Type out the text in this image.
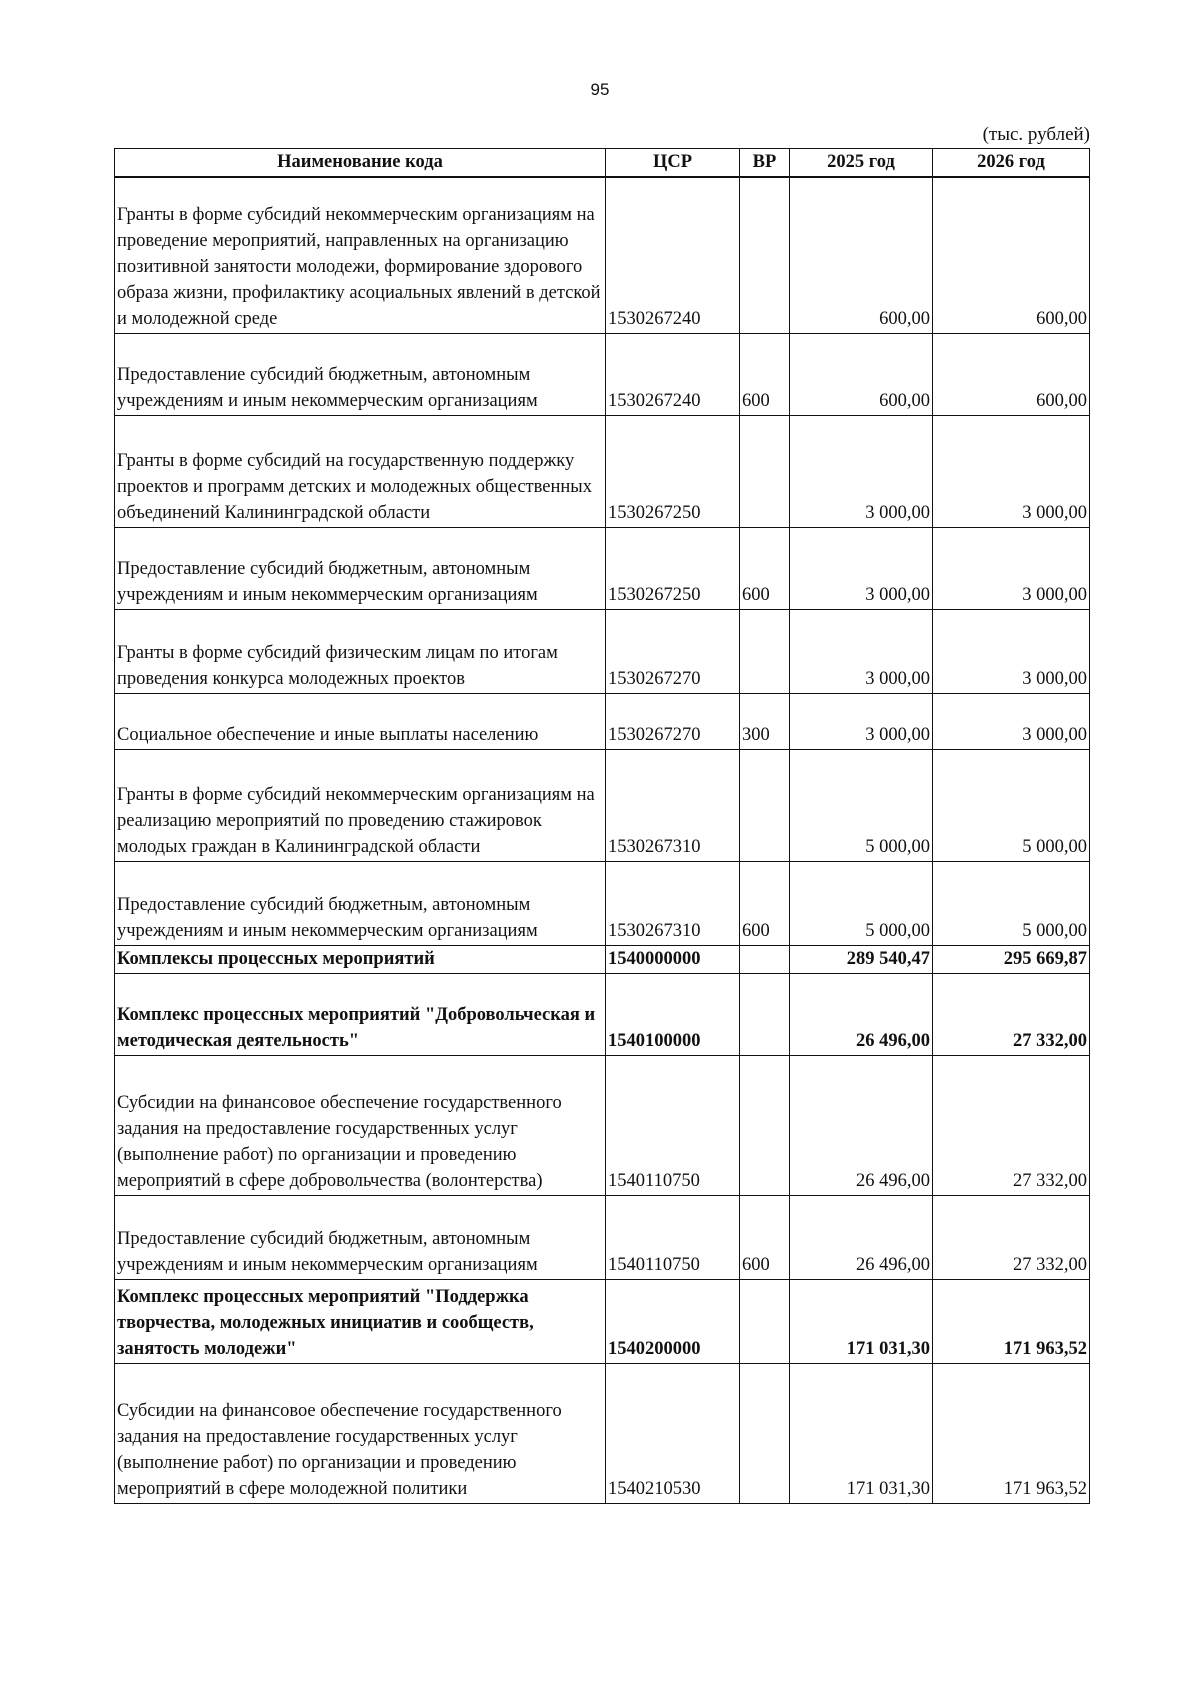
95
(тыс. рублей)
Наименование кода	ЦСР	ВР	2025 год	2026 год
Гранты в форме субсидий некоммерческим организациям на проведение мероприятий, направленных на организацию позитивной занятости молодежи, формирование здорового образа жизни, профилактику асоциальных явлений в детской и молодежной среде	1530267240		600,00	600,00
Предоставление субсидий бюджетным, автономным учреждениям и иным некоммерческим организациям	1530267240	600	600,00	600,00
Гранты в форме субсидий на государственную поддержку проектов и программ детских и молодежных общественных объединений Калининградской области	1530267250		3 000,00	3 000,00
Предоставление субсидий бюджетным, автономным учреждениям и иным некоммерческим организациям	1530267250	600	3 000,00	3 000,00
Гранты в форме субсидий физическим лицам по итогам проведения конкурса молодежных проектов	1530267270		3 000,00	3 000,00
Социальное обеспечение и иные выплаты населению	1530267270	300	3 000,00	3 000,00
Гранты в форме субсидий некоммерческим организациям на реализацию мероприятий по проведению стажировок молодых граждан в Калининградской области	1530267310		5 000,00	5 000,00
Предоставление субсидий бюджетным, автономным учреждениям и иным некоммерческим организациям	1530267310	600	5 000,00	5 000,00
Комплексы процессных мероприятий	1540000000		289 540,47	295 669,87
Комплекс процессных мероприятий "Добровольческая и методическая деятельность"	1540100000		26 496,00	27 332,00
Субсидии на финансовое обеспечение государственного задания на предоставление государственных услуг (выполнение работ) по организации и проведению мероприятий в сфере добровольчества (волонтерства)	1540110750		26 496,00	27 332,00
Предоставление субсидий бюджетным, автономным учреждениям и иным некоммерческим организациям	1540110750	600	26 496,00	27 332,00
Комплекс процессных мероприятий "Поддержка творчества, молодежных инициатив и сообществ, занятость молодежи"	1540200000		171 031,30	171 963,52
Субсидии на финансовое обеспечение государственного задания на предоставление государственных услуг (выполнение работ) по организации и проведению мероприятий в сфере молодежной политики	1540210530		171 031,30	171 963,52
